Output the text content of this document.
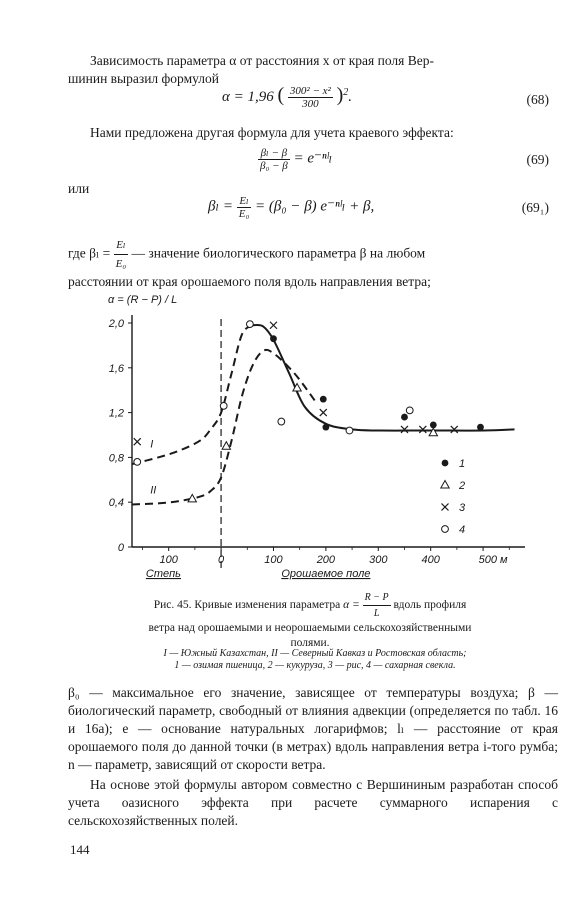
Зависимость параметра α от расстояния x от края поля Вер-
шинин выразил формулой
α = 1,96 ( $\frac{\text{300² − x²}}{300} )^2$.	(68)
Нами предложена другая формула для учета краевого эффекта:
$\frac{\text{βₗ − β}}{\text{β₀ − β}}$ = e⁻ⁿˡₗ	(69)
или
$\beta_l = \frac{\text{Eₗ}}{\text{E₀}} = (\beta_0 - \beta)$ e⁻ⁿˡₗ + β,	(69₁)
где $\beta_l = \frac{\text{Eₗ}}{\text{E₀}}$ — значение биологического параметра β на любом
расстоянии от края орошаемого поля вдоль направления ветра;
α = (R − P) / L
0
0,4
0,8
1,2
1,6
2,0
100	0	100	200	300	400	500 м
Степь	Орошаемое поле
I
II
1
2
3
4
Рис. 45. Кривые изменения параметра $\alpha = \frac{R - P}{L}$ вдоль профиля
ветра над орошаемыми и неорошаемыми сельскохозяйственными
полями.
I — Южный Казахстан, II — Северный Кавказ и Ростовская область;
1 — озимая пшеница, 2 — кукуруза, 3 — рис, 4 — сахарная свекла.
β₀ — максимальное его значение, зависящее от температуры воздуха; β — биологический параметр, свободный от влияния адвекции (определяется по табл. 16 и 16а); e — основание натуральных логарифмов; lₗ — расстояние от края орошаемого поля до данной точки (в метрах) вдоль направления ветра i-того румба; n — параметр, зависящий от скорости ветра.
На основе этой формулы автором совместно с Вершининым разработан способ учета оазисного эффекта при расчете суммарного испарения с сельскохозяйственных полей.
144
